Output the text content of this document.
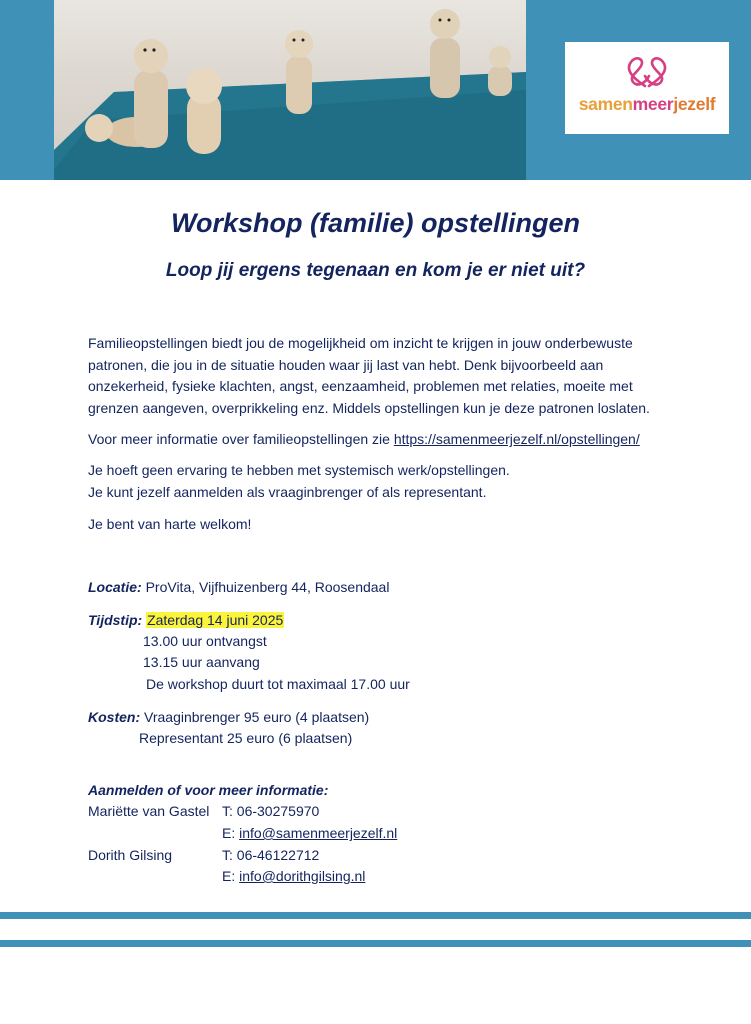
samenmeerjezelf
Workshop (familie) opstellingen
Loop jij ergens tegenaan en kom je er niet uit?

Familieopstellingen biedt jou de mogelijkheid om inzicht te krijgen in jouw onderbewuste patronen, die jou in de situatie houden waar jij last van hebt. Denk bijvoorbeeld aan onzekerheid, fysieke klachten, angst, eenzaamheid, problemen met relaties, moeite met grenzen aangeven, overprikkeling enz. Middels opstellingen kun je deze patronen loslaten.

Voor meer informatie over familieopstellingen zie https://samenmeerjezelf.nl/opstellingen/

Je hoeft geen ervaring te hebben met systemisch werk/opstellingen.
Je kunt jezelf aanmelden als vraaginbrenger of als representant.

Je bent van harte welkom!

Locatie: ProVita, Vijfhuizenberg 44, Roosendaal
Tijdstip: Zaterdag 14 juni 2025
13.00 uur ontvangst
13.15 uur aanvang
De workshop duurt tot maximaal 17.00 uur
Kosten: Vraaginbrenger 95 euro (4 plaatsen)
Representant 25 euro (6 plaatsen)
Aanmelden of voor meer informatie:
Mariëtte van Gastel T: 06-30275970
E: info@samenmeerjezelf.nl
Dorith Gilsing	T: 06-46122712
E: info@dorithgilsing.nl
